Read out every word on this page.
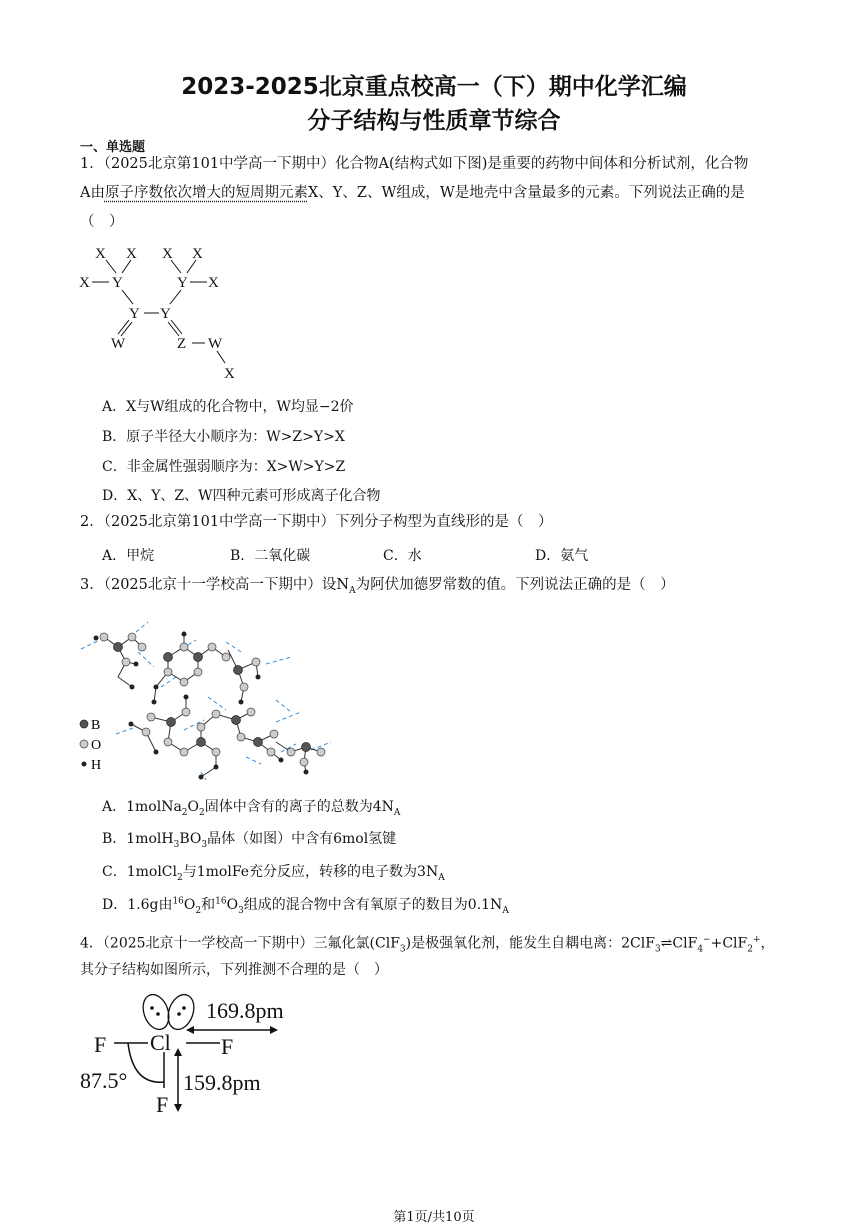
2023-2025北京重点校高一（下）期中化学汇编
分子结构与性质章节综合
一、单选题
1．（2025北京第101中学高一下期中）化合物A(结构式如下图)是重要的药物中间体和分析试剂，化合物
A由原子序数依次增大的短周期元素X、Y、Z、W组成，W是地壳中含量最多的元素。下列说法正确的是
（　）
X X X X
X Y	Y X
Y Y
W	Z W
X
A．X与W组成的化合物中，W均显−2价
B．原子半径大小顺序为：W>Z>Y>X
C．非金属性强弱顺序为：X>W>Y>Z
D．X、Y、Z、W四种元素可形成离子化合物
2．（2025北京第101中学高一下期中）下列分子构型为直线形的是（　）
A．甲烷	B．二氧化碳	C．水	D．氨气
3．（2025北京十一学校高一下期中）设$N_A$为阿伏加德罗常数的值。下列说法正确的是（　）
B
O
H
A．$1molNa_2O_2$固体中含有的离子的总数为$4N_A$
B．$1molH_3BO_3$晶体（如图）中含有6mol氢键
C．1molCl$_2$与1molFe充分反应，转移的电子数为$3N_A$
D．1.6g由$^{16}O_2$和$^{16}O_3$组成的混合物中含有氧原子的数目为$0.1N_A$
4．（2025北京十一学校高一下期中）三氟化氯(ClF$_3$)是极强氧化剂，能发生自耦电离：2ClF$_3$⇌ClF$_4$−+ClF$_2$+，
其分子结构如图所示，下列推测不合理的是（　）
F Cl F
F
169.8pm
159.8pm
87.5°
第1页/共10页
